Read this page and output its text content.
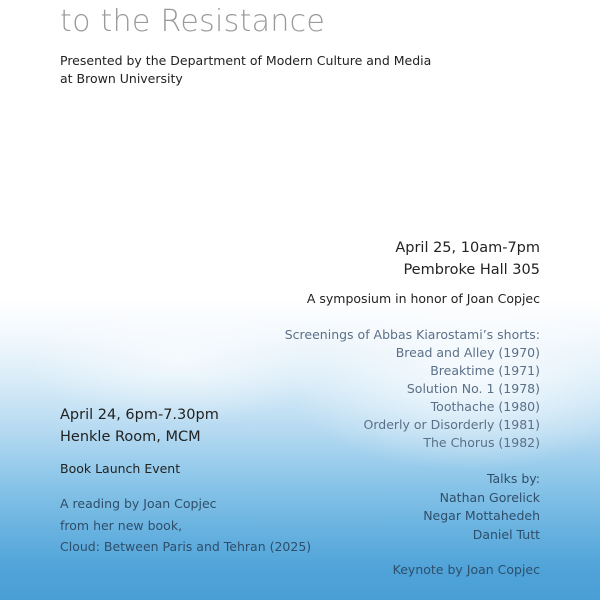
to the Resistance
Presented by the Department of Modern Culture and Media
at Brown University
April 25, 10am-7pm
Pembroke Hall 305
A symposium in honor of Joan Copjec
Screenings of Abbas Kiarostami’s shorts:
Bread and Alley (1970)
Breaktime (1971)
Solution No. 1 (1978)
Toothache (1980)
Orderly or Disorderly (1981)
The Chorus (1982)
Talks by:
Nathan Gorelick
Negar Mottahedeh
Daniel Tutt
Keynote by Joan Copjec
April 24, 6pm-7.30pm
Henkle Room, MCM
Book Launch Event
A reading by Joan Copjec
from her new book,
Cloud: Between Paris and Tehran (2025)
